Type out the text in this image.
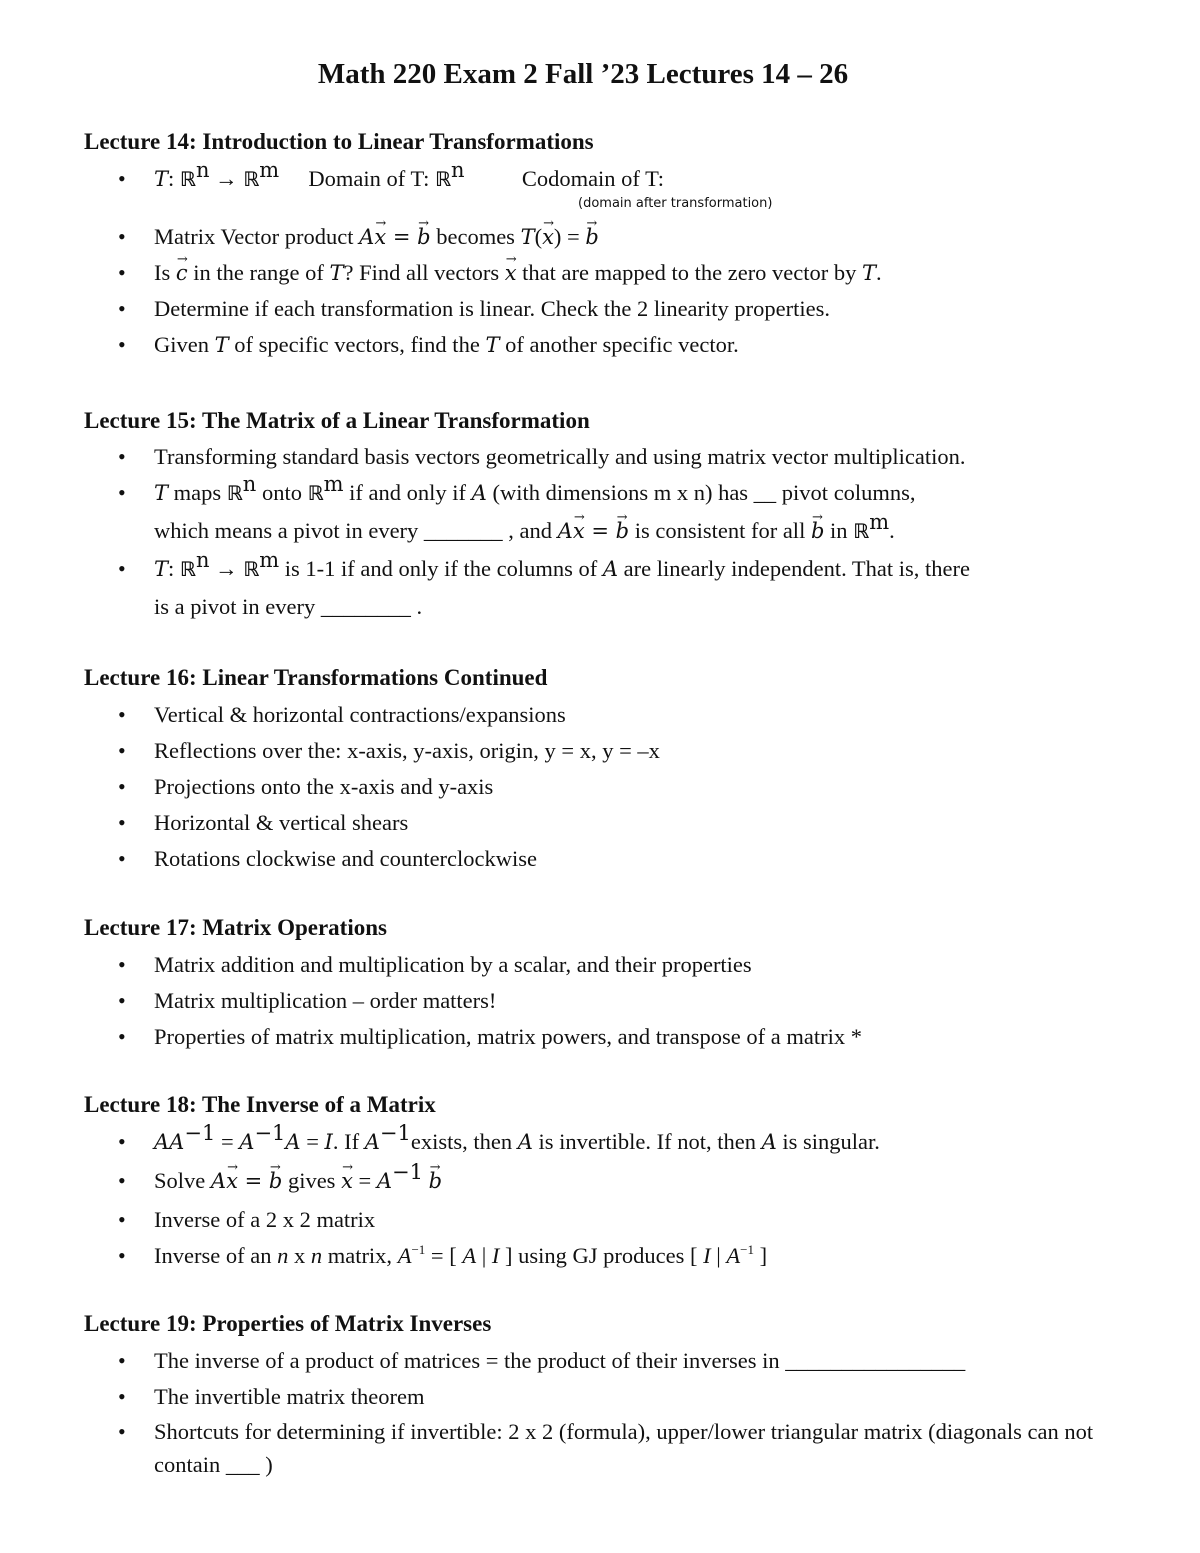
Math 220 Exam 2 Fall ’23 Lectures 14 – 26
Lecture 14: Introduction to Linear Transformations
• T: ℝ$^n$ → ℝ$^m$ Domain of T: ℝ$^n$	Codomain of T:
• Matrix Vector product A→ x = → b becomes T(→ x) = → b
• Is → c in the range of T? Find all vectors → x that are mapped to the zero vector by T.
• Determine if each transformation is linear. Check the 2 linearity properties.
• Given T of specific vectors, find the T of another specific vector.
(domain after transformation)
Lecture 15: The Matrix of a Linear Transformation
• Transforming standard basis vectors geometrically and using matrix vector multiplication.
• T maps ℝ$^n$ onto ℝ$^m$ if and only if A (with dimensions m x n) has __ pivot columns,
which means a pivot in every _______ , and A→ x = → b is consistent for all → b in ℝ$^m$.
• T: ℝ$^n$ → ℝ$^m$ is 1-1 if and only if the columns of A are linearly independent. That is, there
is a pivot in every ________ .
Lecture 16: Linear Transformations Continued
• Vertical & horizontal contractions/expansions
• Reflections over the: x-axis, y-axis, origin, y = x, y = –x
• Projections onto the x-axis and y-axis
• Horizontal & vertical shears
• Rotations clockwise and counterclockwise
Lecture 17: Matrix Operations
• Matrix addition and multiplication by a scalar, and their properties
• Matrix multiplication – order matters!
• Properties of matrix multiplication, matrix powers, and transpose of a matrix *
Lecture 18: The Inverse of a Matrix
• $AA^{-1} = A^{-1}A = I$. If $A^{-1}exists$, then A is invertible. If not, then A is singular.
• Solve A→ x = → b gives → $x = A^{-1} \to b$
• Inverse of a 2 x 2 matrix
• Inverse of an n x n matrix, $A^{-1}$ = [ A | I ] using GJ produces [ I | $A^{-1}$ ]
Lecture 19: Properties of Matrix Inverses
• The inverse of a product of matrices = the product of their inverses in ________________
• The invertible matrix theorem
• Shortcuts for determining if invertible: 2 x 2 (formula), upper/lower triangular matrix (diagonals can not contain ___ )
